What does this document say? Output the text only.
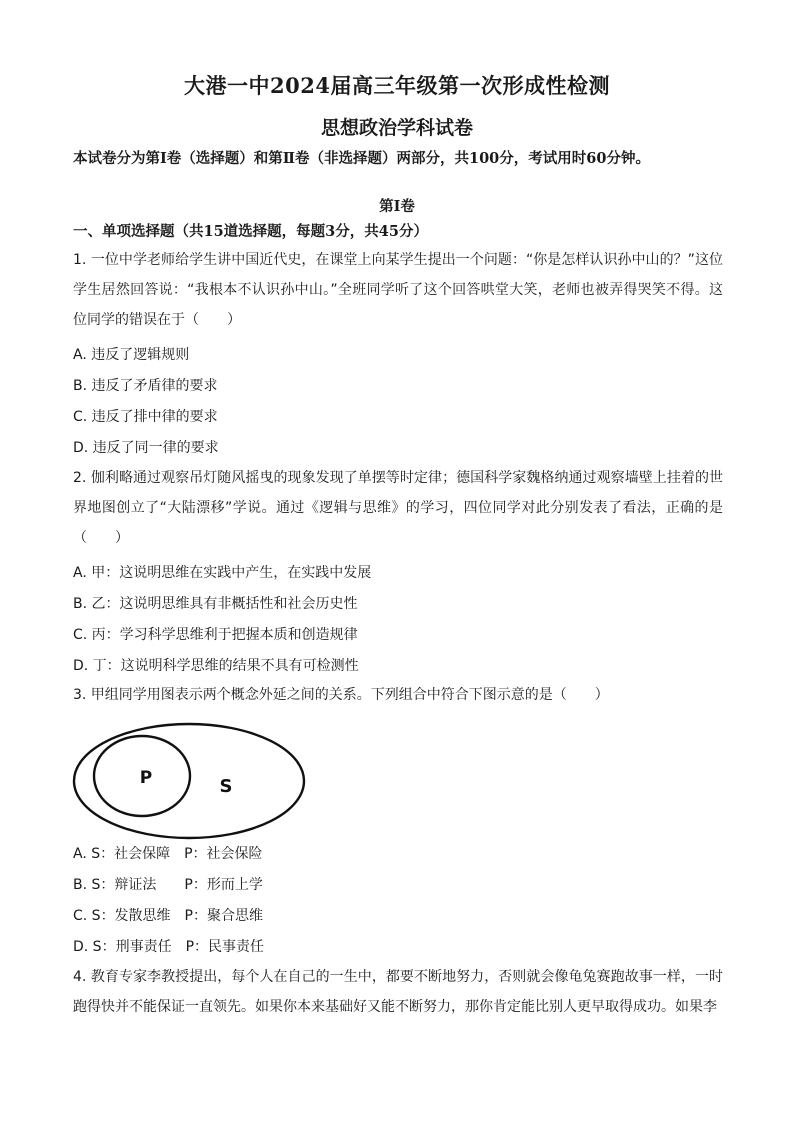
大港一中2024届高三年级第一次形成性检测
思想政治学科试卷
本试卷分为第Ⅰ卷（选择题）和第Ⅱ卷（非选择题）两部分，共100分，考试用时60分钟。
第Ⅰ卷
一、单项选择题（共15道选择题，每题3分，共45分）
1. 一位中学老师给学生讲中国近代史，在课堂上向某学生提出一个问题：“你是怎样认识孙中山的？”这位学生居然回答说：“我根本不认识孙中山。”全班同学听了这个回答哄堂大笑，老师也被弄得哭笑不得。这位同学的错误在于（　　）
A. 违反了逻辑规则
B. 违反了矛盾律的要求
C. 违反了排中律的要求
D. 违反了同一律的要求
2. 伽利略通过观察吊灯随风摇曳的现象发现了单摆等时定律；德国科学家魏格纳通过观察墙壁上挂着的世界地图创立了“大陆漂移”学说。通过《逻辑与思维》的学习，四位同学对此分别发表了看法，正确的是（　　）
A. 甲：这说明思维在实践中产生，在实践中发展
B. 乙：这说明思维具有非概括性和社会历史性
C. 丙：学习科学思维利于把握本质和创造规律
D. 丁：这说明科学思维的结果不具有可检测性
3. 甲组同学用图表示两个概念外延之间的关系。下列组合中符合下图示意的是（　　）
P	S
A. S：社会保障　P：社会保险
B. S：辩证法　　P：形而上学
C. S：发散思维　P：聚合思维
D. S：刑事责任　P：民事责任
4. 教育专家李教授提出，每个人在自己的一生中，都要不断地努力，否则就会像龟兔赛跑故事一样，一时跑得快并不能保证一直领先。如果你本来基础好又能不断努力，那你肯定能比别人更早取得成功。如果李
